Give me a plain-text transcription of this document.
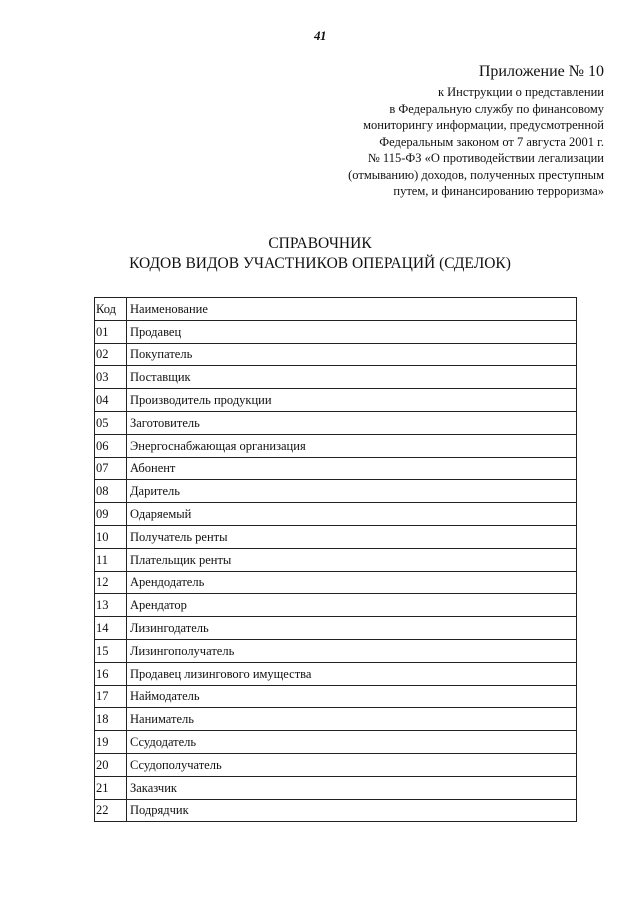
41
Приложение № 10
к Инструкции о представлении
в Федеральную службу по финансовому
мониторингу информации, предусмотренной
Федеральным законом от 7 августа 2001 г.
№ 115-ФЗ «О противодействии легализации
(отмыванию) доходов, полученных преступным
путем, и финансированию терроризма»
СПРАВОЧНИК
КОДОВ ВИДОВ УЧАСТНИКОВ ОПЕРАЦИЙ (СДЕЛОК)
Код	Наименование
01	Продавец
02	Покупатель
03	Поставщик
04	Производитель продукции
05	Заготовитель
06	Энергоснабжающая организация
07	Абонент
08	Даритель
09	Одаряемый
10	Получатель ренты
11	Плательщик ренты
12	Арендодатель
13	Арендатор
14	Лизингодатель
15	Лизингополучатель
16	Продавец лизингового имущества
17	Наймодатель
18	Наниматель
19	Ссудодатель
20	Ссудополучатель
21	Заказчик
22	Подрядчик
